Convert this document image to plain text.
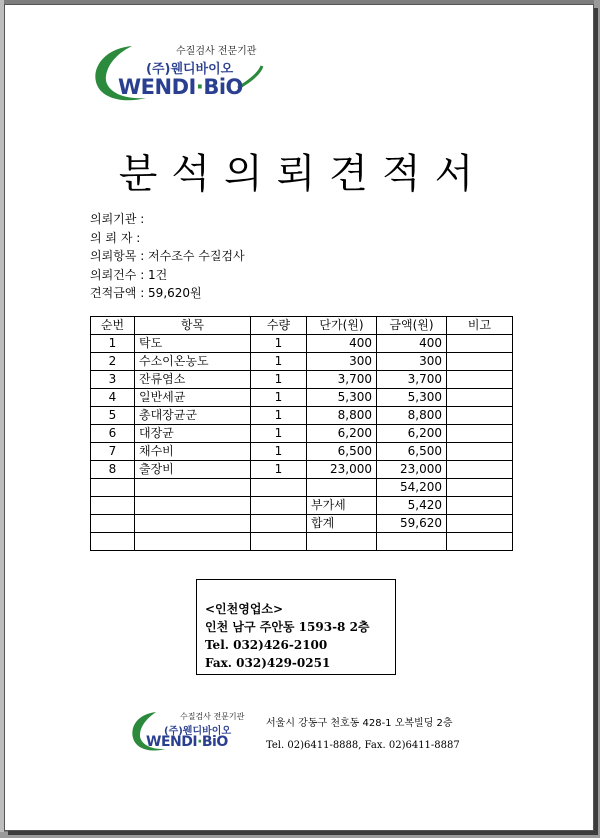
수질검사 전문기관
(주)웬디바이오
WENDI·BiO
분석의뢰견적서
의뢰기관 :
의 뢰 자 :
의뢰항목 : 저수조수 수질검사
의뢰건수 : 1건
견적금액 : 59,620원
순번	항목	수량	단가(원)	금액(원)	비고
1	탁도	1	400	400	
2	수소이온농도	1	300	300	
3	잔류염소	1	3,700	3,700	
4	일반세균	1	5,300	5,300	
5	총대장균군	1	8,800	8,800	
6	대장균	1	6,200	6,200	
7	채수비	1	6,500	6,500	
8	출장비	1	23,000	23,000	
				54,200	
			부가세	5,420	
			합계	59,620	

<인천영업소>
인천 남구 주안동 1593-8 2층
Tel. 032)426-2100
Fax. 032)429-0251
수질검사 전문기관
(주)웬디바이오
WENDI·BiO
서울시 강동구 천호동 428-1 오복빌딩 2층
Tel. 02)6411-8888, Fax. 02)6411-8887
